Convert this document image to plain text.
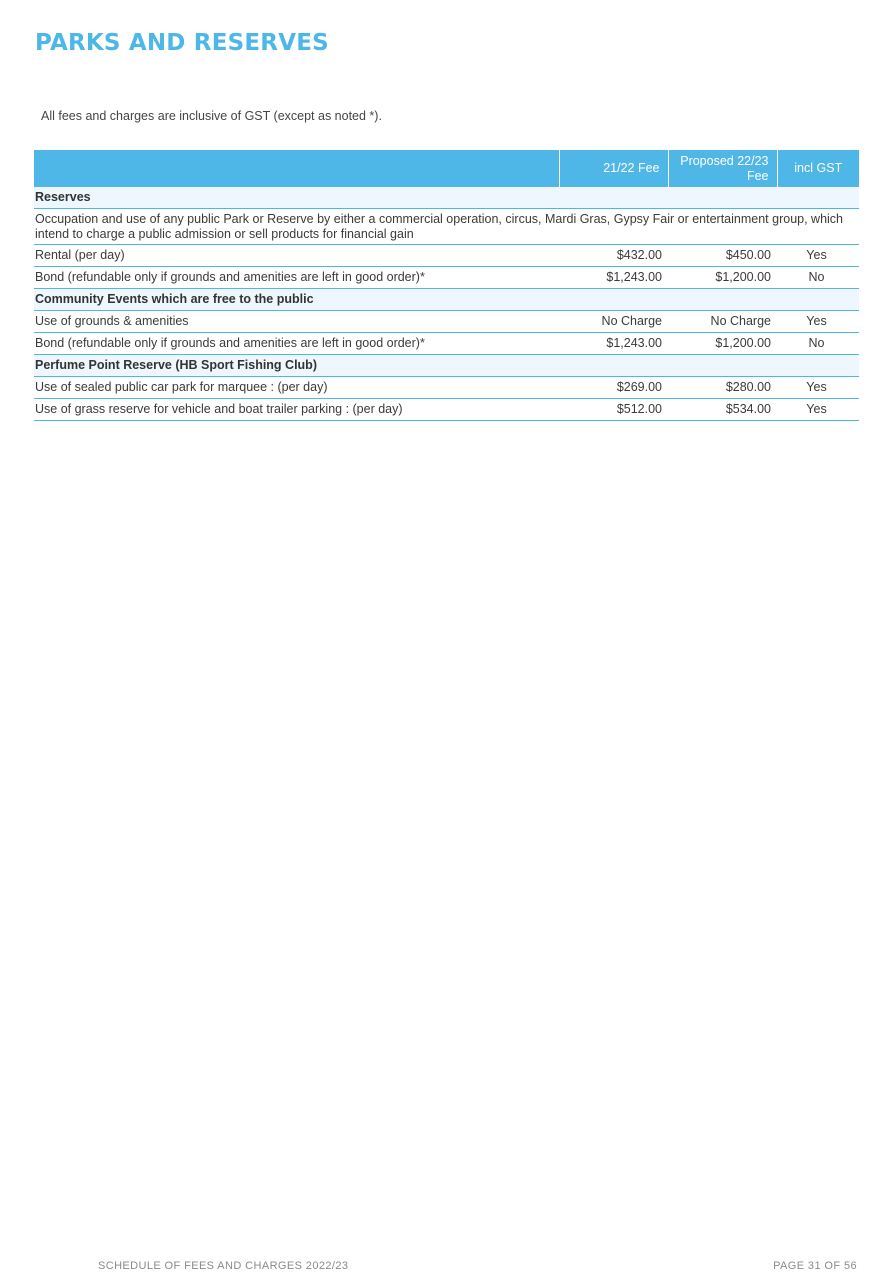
PARKS AND RESERVES
All fees and charges are inclusive of GST (except as noted *).
	21/22 Fee	Proposed 22/23 Fee	incl GST
Reserves			
Occupation and use of any public Park or Reserve by either a commercial operation, circus, Mardi Gras, Gypsy Fair or entertainment group, which intend to charge a public admission or sell products for financial gain			
Rental (per day)	$432.00	$450.00	Yes
Bond (refundable only if grounds and amenities are left in good order)*	$1,243.00	$1,200.00	No
Community Events which are free to the public			
Use of grounds & amenities	No Charge	No Charge	Yes
Bond (refundable only if grounds and amenities are left in good order)*	$1,243.00	$1,200.00	No
Perfume Point Reserve (HB Sport Fishing Club)			
Use of sealed public car park for marquee : (per day)	$269.00	$280.00	Yes
Use of grass reserve for vehicle and boat trailer parking : (per day)	$512.00	$534.00	Yes
SCHEDULE OF FEES AND CHARGES 2022/23	PAGE 31 OF 56
